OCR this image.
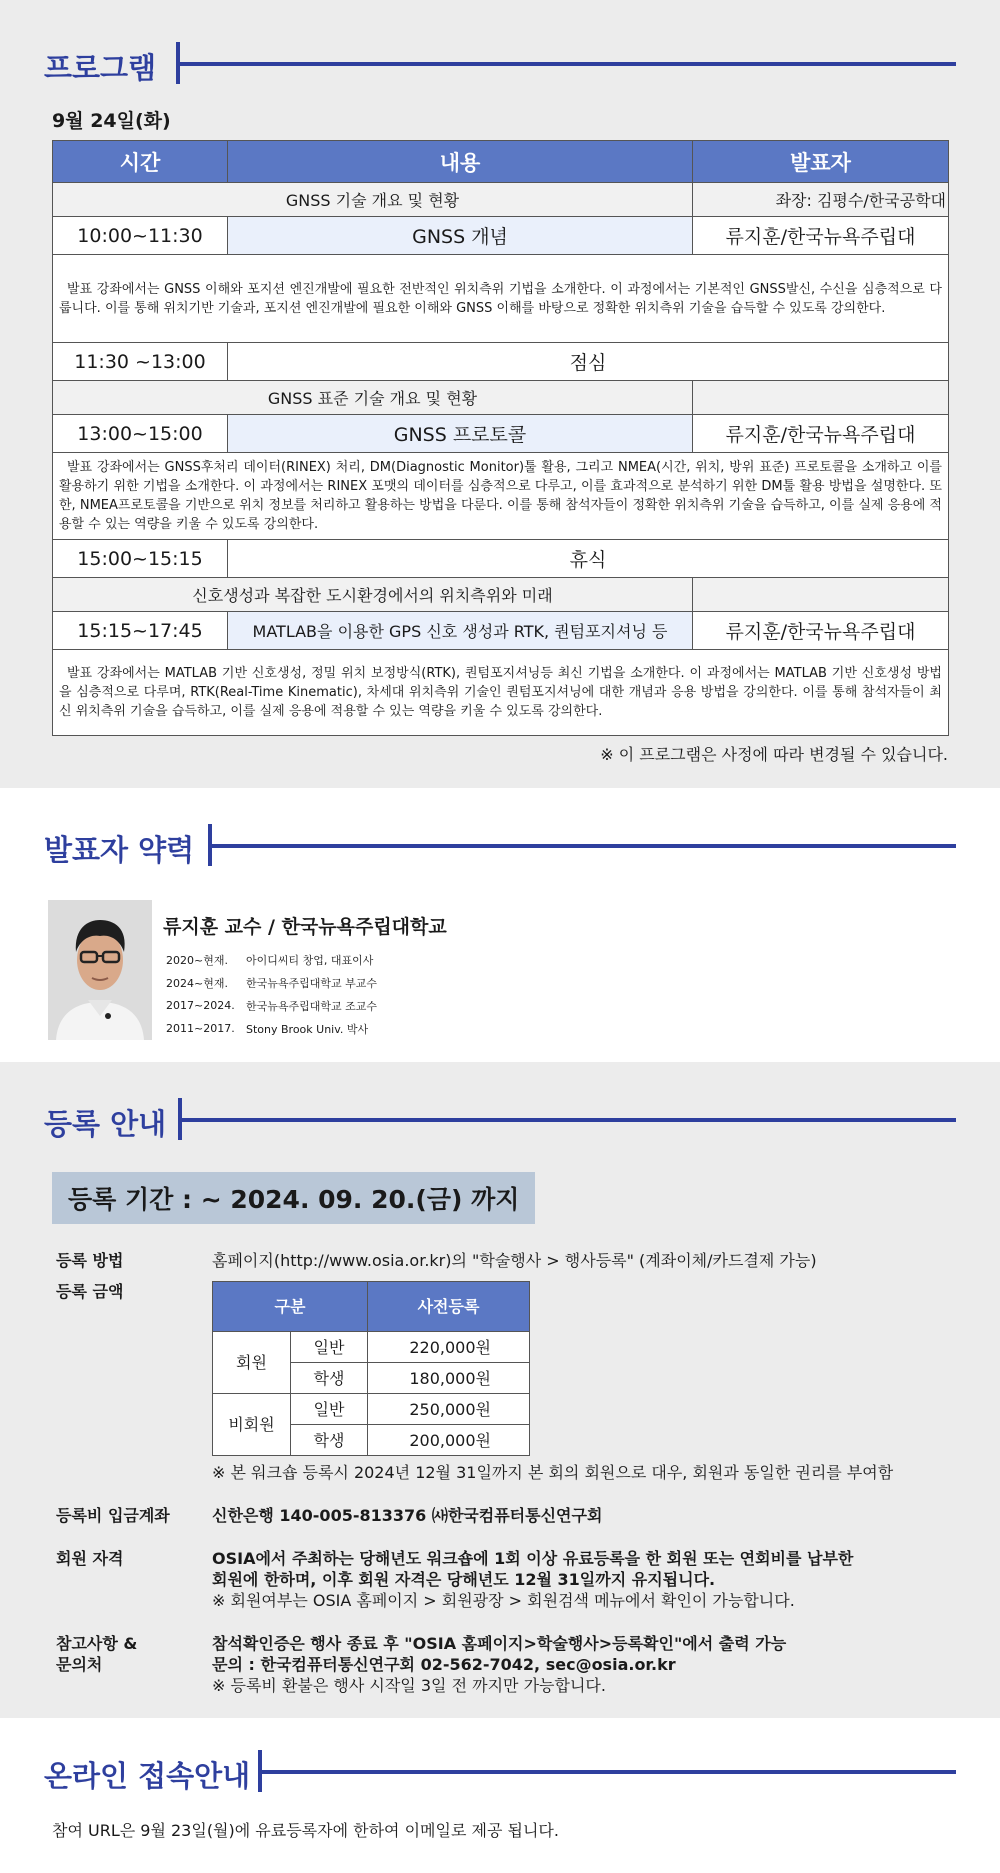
프로그램
9월 24일(화)
시간	내용	발표자
GNSS 기술 개요 및 현황		좌장: 김평수/한국공학대
10:00~11:30	GNSS 개념	류지훈/한국뉴욕주립대
발표 강좌에서는 GNSS 이해와 포지션 엔진개발에 필요한 전반적인 위치측위 기법을 소개한다. 이 과정에서는 기본적인 GNSS발신, 수신을 심층적으로 다룹니다. 이를 통해 위치기반 기술과, 포지션 엔진개발에 필요한 이해와 GNSS 이해를 바탕으로 정확한 위치측위 기술을 습득할 수 있도록 강의한다.		
11:30 ~13:00	점심	
GNSS 표준 기술 개요 및 현황		
13:00~15:00	GNSS 프로토콜	류지훈/한국뉴욕주립대
발표 강좌에서는 GNSS후처리 데이터(RINEX) 처리, DM(Diagnostic Monitor)툴 활용, 그리고 NMEA(시간, 위치, 방위 표준) 프로토콜을 소개하고 이를 활용하기 위한 기법을 소개한다. 이 과정에서는 RINEX 포맷의 데이터를 심층적으로 다루고, 이를 효과적으로 분석하기 위한 DM툴 활용 방법을 설명한다. 또한, NMEA프로토콜을 기반으로 위치 정보를 처리하고 활용하는 방법을 다룬다. 이를 통해 참석자들이 정확한 위치측위 기술을 습득하고, 이를 실제 응용에 적용할 수 있는 역량을 키울 수 있도록 강의한다.		
15:00~15:15	휴식	
신호생성과 복잡한 도시환경에서의 위치측위와 미래		
15:15~17:45	MATLAB을 이용한 GPS 신호 생성과 RTK, 퀀텀포지셔닝 등	류지훈/한국뉴욕주립대
발표 강좌에서는 MATLAB 기반 신호생성, 정밀 위치 보정방식(RTK), 퀀텀포지셔닝등 최신 기법을 소개한다. 이 과정에서는 MATLAB 기반 신호생성 방법을 심층적으로 다루며, RTK(Real-Time Kinematic), 차세대 위치측위 기술인 퀀텀포지셔닝에 대한 개념과 응용 방법을 강의한다. 이를 통해 참석자들이 최신 위치측위 기술을 습득하고, 이를 실제 응용에 적용할 수 있는 역량을 키울 수 있도록 강의한다.		
※ 이 프로그램은 사정에 따라 변경될 수 있습니다.
발표자 약력
류지훈 교수 / 한국뉴욕주립대학교
2020~현재.	아이디씨티 창업, 대표이사
2024~현재.	한국뉴욕주립대학교 부교수
2017~2024.	한국뉴욕주립대학교 조교수
2011~2017.	Stony Brook Univ. 박사
등록 안내
등록 기간 : ~ 2024. 09. 20.(금) 까지
등록 방법	홈페이지(http://www.osia.or.kr)의 "학술행사 > 행사등록" (계좌이체/카드결제 가능)
등록 금액
구분		사전등록
회원	일반	220,000원
	학생	180,000원
비회원	일반	250,000원
	학생	200,000원
※ 본 워크숍 등록시 2024년 12월 31일까지 본 회의 회원으로 대우, 회원과 동일한 권리를 부여함
등록비 입금계좌	신한은행 140-005-813376 ㈔한국컴퓨터통신연구회
회원 자격	OSIA에서 주최하는 당해년도 워크숍에 1회 이상 유료등록을 한 회원 또는 연회비를 납부한
회원에 한하며, 이후 회원 자격은 당해년도 12월 31일까지 유지됩니다.
※ 회원여부는 OSIA 홈페이지 > 회원광장 > 회원검색 메뉴에서 확인이 가능합니다.
참고사항 &
문의처
참석확인증은 행사 종료 후 "OSIA 홈페이지>학술행사>등록확인"에서 출력 가능
문의 : 한국컴퓨터통신연구회 02-562-7042, sec@osia.or.kr
※ 등록비 환불은 행사 시작일 3일 전 까지만 가능합니다.
온라인 접속안내
참여 URL은 9월 23일(월)에 유료등록자에 한하여 이메일로 제공 됩니다.
